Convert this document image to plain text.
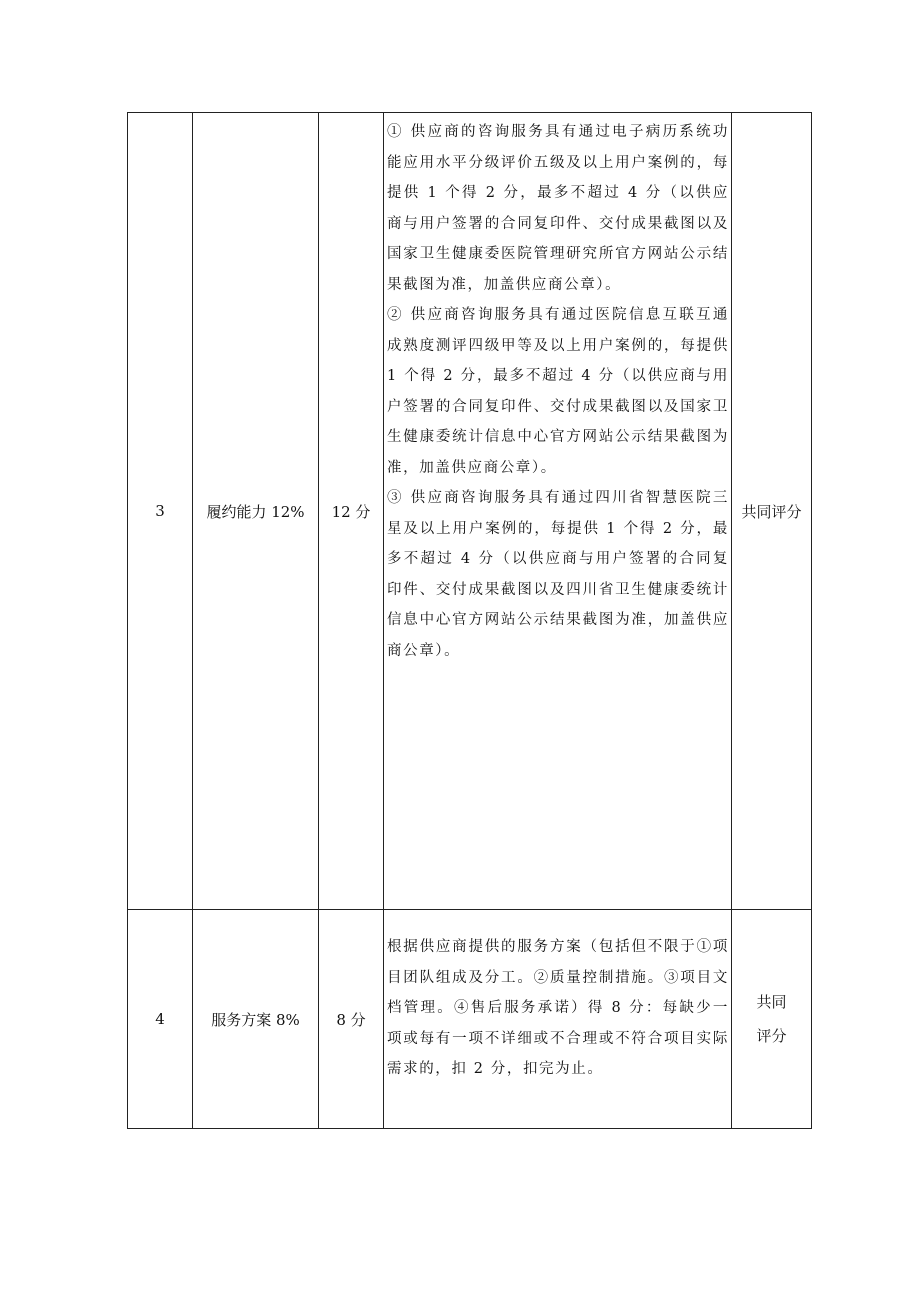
3	履约能力 12%	12 分	① 供应商的咨询服务具有通过电子病历系统功能应用水平分级评价五级及以上用户案例的，每提供 1 个得 2 分，最多不超过 4 分（以供应商与用户签署的合同复印件、交付成果截图以及国家卫生健康委医院管理研究所官方网站公示结果截图为准，加盖供应商公章）。

② 供应商咨询服务具有通过医院信息互联互通成熟度测评四级甲等及以上用户案例的，每提供 1 个得 2 分，最多不超过 4 分（以供应商与用户签署的合同复印件、交付成果截图以及国家卫生健康委统计信息中心官方网站公示结果截图为准，加盖供应商公章）。

③ 供应商咨询服务具有通过四川省智慧医院三星及以上用户案例的，每提供 1 个得 2 分，最多不超过 4 分（以供应商与用户签署的合同复印件、交付成果截图以及四川省卫生健康委统计信息中心官方网站公示结果截图为准，加盖供应商公章）。	共同评分
4	服务方案 8%	8 分	根据供应商提供的服务方案（包括但不限于①项目团队组成及分工。②质量控制措施。③项目文档管理。④售后服务承诺）得 8 分：每缺少一项或每有一项不详细或不合理或不符合项目实际需求的，扣 2 分，扣完为止。	共同
评分
